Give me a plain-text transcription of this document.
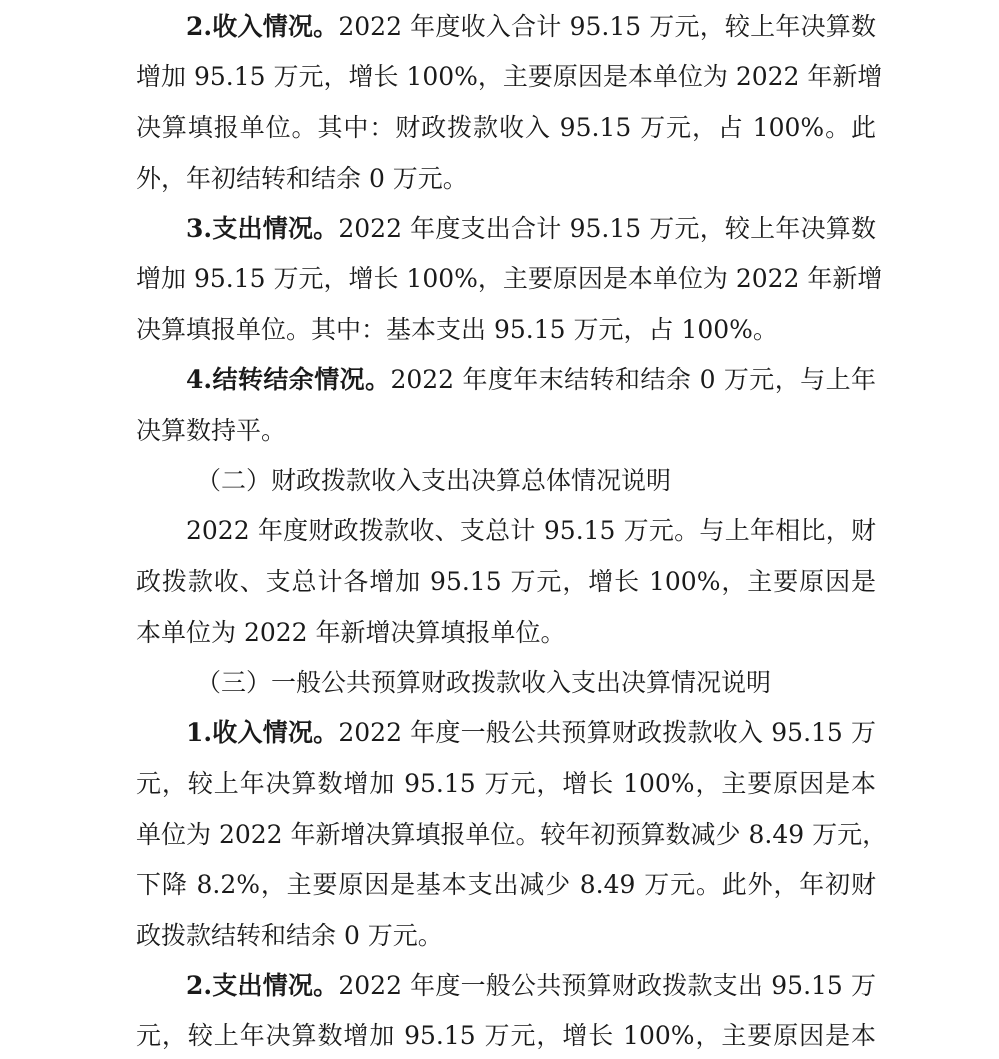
2.收入情况。2022 年度收入合计 95.15 万元，较上年决算数
增加 95.15 万元，增长 100%，主要原因是本单位为 2022 年新增
决算填报单位。其中：财政拨款收入 95.15 万元，占 100%。此
外，年初结转和结余 0 万元。
3.支出情况。2022 年度支出合计 95.15 万元，较上年决算数
增加 95.15 万元，增长 100%，主要原因是本单位为 2022 年新增
决算填报单位。其中：基本支出 95.15 万元，占 100%。
4.结转结余情况。2022 年度年末结转和结余 0 万元，与上年
决算数持平。
（二）财政拨款收入支出决算总体情况说明
2022 年度财政拨款收、支总计 95.15 万元。与上年相比，财
政拨款收、支总计各增加 95.15 万元，增长 100%，主要原因是
本单位为 2022 年新增决算填报单位。
（三）一般公共预算财政拨款收入支出决算情况说明
1.收入情况。2022 年度一般公共预算财政拨款收入 95.15 万
元，较上年决算数增加 95.15 万元，增长 100%，主要原因是本
单位为 2022 年新增决算填报单位。较年初预算数减少 8.49 万元，
下降 8.2%，主要原因是基本支出减少 8.49 万元。此外，年初财
政拨款结转和结余 0 万元。
2.支出情况。2022 年度一般公共预算财政拨款支出 95.15 万
元，较上年决算数增加 95.15 万元，增长 100%，主要原因是本
